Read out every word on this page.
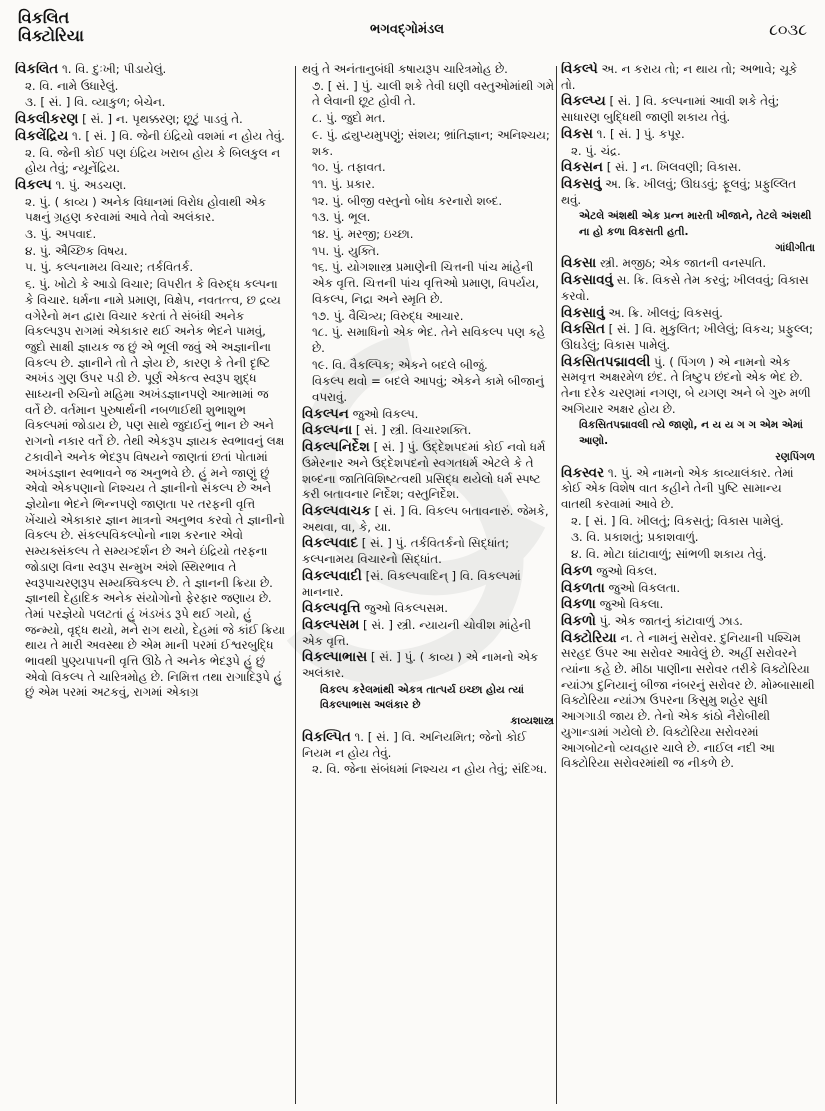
વિકલિત
વિક્ટોરિયા	ભગવદ્ગોમંડલ	૮૦૩૮
વિકલિત ૧. વિ. દુઃખી; પીડાયેલું.
૨. વિ. નામે ઉધારેલું.
૩. [ સં. ] વિ. વ્યાકુળ; બેચેન.
વિકલીકરણ [ સં. ] ન. પૃથક્કરણ; છૂટું પાડવું તે.
વિકલેંદ્રિય ૧. [ સં. ] વિ. જેની ઇંદ્રિયો વશમાં ન હોય તેવું.
૨. વિ. જેની કોઈ પણ ઇંદ્રિય ખરાબ હોય કે બિલકુલ ન હોય તેવું; ન્યૂનેંદ્રિય.
વિકલ્પ ૧. પું. અડચણ.
૨. પું. ( કાવ્ય ) અનેક વિધાનમાં વિરોધ હોવાથી એક પક્ષનું ગ્રહણ કરવામાં આવે તેવો અલંકાર.
૩. પું. અપવાદ.
૪. પું. ઐચ્છિક વિષય.
૫. પું. કલ્પનામય વિચાર; તર્કવિતર્ક.
૬. પું. ખોટો કે આડો વિચાર; વિપરીત કે વિરુદ્ધ કલ્પના કે વિચાર. ધર્મના નામે પ્રમાણ, વિક્ષેપ, નવતત્ત્વ, છ દ્રવ્ય વગેરેનો મન દ્વારા વિચાર કરતાં તે સંબંધી અનેક વિકલ્પરૂપ રાગમાં એકાકાર થઈ અનેક ભેદને પામવું, જુદો સાક્ષી જ્ઞાયક જ છું એ ભૂલી જવું એ અજ્ઞાનીના વિકલ્પ છે. જ્ઞાનીને તો તે જ્ઞેય છે, કારણ કે તેની દૃષ્ટિ અખંડ ગુણ ઉપર પડી છે. પૂર્ણ એકત્વ સ્વરૂપ શુદ્ધ સાધ્યની રુચિનો મહિમા અખંડજ્ઞાનપણે આત્મામાં જ વર્તે છે. વર્તમાન પુરુષાર્થની નબળાઈથી શુભાશુભ વિકલ્પમાં જોડાય છે, પણ સાથે જુદાઈનું ભાન છે અને રાગનો નકાર વર્તે છે. તેથી એકરૂપ જ્ઞાયક સ્વભાવનું લક્ષ ટકાવીને અનેક ભેદરૂપ વિષયને જાણતાં છતાં પોતામાં અખંડજ્ઞાન સ્વભાવને જ અનુભવે છે. હું મને જાણું છું એવો એકપણાનો નિશ્ચય તે જ્ઞાનીનો સંકલ્પ છે અને જ્ઞેયોના ભેદને ભિન્નપણે જાણતા પર તરફની વૃત્તિ ખેંચાયે એકાકાર જ્ઞાન માત્રનો અનુભવ કરવો તે જ્ઞાનીનો વિકલ્પ છે. સંકલ્પવિકલ્પોનો નાશ કરનાર એવો સમ્યક્સંકલ્પ તે સમ્યગ્દર્શન છે અને ઇંદ્રિયો તરફના જોડાણ વિના સ્વરૂપ સન્મુખ અંશે સ્થિરભાવ તે સ્વરૂપાચરણરૂપ સમ્યક્વિકલ્પ છે. તે જ્ઞાનની ક્રિયા છે. જ્ઞાનથી દેહાદિક અનેક સંયોગોનો ફેરફાર જણાય છે. તેમાં પરજ્ઞેયો પલટતાં હું ખંડખંડ રૂપે થઈ ગયો, હું જન્મ્યો, વૃદ્ધ થયો, મને રાગ થયો, દેહમાં જે કાંઈ ક્રિયા થાય તે મારી અવસ્થા છે એમ માની પરમાં ઈશ્વરબુદ્ધિ ભાવથી પુણ્યપાપની વૃત્તિ ઊઠે તે અનેક ભેદરૂપે હું છું એવો વિકલ્પ તે ચારિત્રમોહ છે. નિમિત્ત તથા રાગાદિરૂપે હું છું એમ પરમાં અટકવું, રાગમાં એકાગ્ર
થવું તે અનંતાનુબંધી કષાયરૂપ ચારિત્રમોહ છે.
૭. [ સં. ] પું. ચાલી શકે તેવી ઘણી વસ્તુઓમાંથી ગમે તે લેવાની છૂટ હોવી તે.
૮. પું. જુદો મત.
૯. પું. દ્વ્યુપ્યમુપણું; સંશય; ભ્રાંતિજ્ઞાન; અનિશ્ચય; શક.
૧૦. પું. તફાવત.
૧૧. પું. પ્રકાર.
૧૨. પું. બીજી વસ્તુનો બોધ કરનારો શબ્દ.
૧૩. પું. ભૂલ.
૧૪. પું. મરજી; ઇચ્છા.
૧૫. પું. યુક્તિ.
૧૬. પું. યોગશાસ્ત્ર પ્રમાણેની ચિત્તની પાંચ માંહેની એક વૃત્તિ. ચિત્તની પાંચ વૃત્તિઓ પ્રમાણ, વિપર્યય, વિકલ્પ, નિદ્રા અને સ્મૃતિ છે.
૧૭. પું. વૈચિત્ર્ય; વિરુદ્ધ આચાર.
૧૮. પું. સમાધિનો એક ભેદ. તેને સવિકલ્પ પણ કહે છે.
૧૯. વિ. વૈકલ્પિક; એકને બદલે બીજું.
વિકલ્પ થવો = બદલે આપવું; એકને કામે બીજાનું વપરાવું.
વિકલ્પન જુઓ વિકલ્પ.
વિકલ્પના [ સં. ] સ્ત્રી. વિચારશક્તિ.
વિકલ્પનિર્દેશ [ સં. ] પું. ઉદ્દેશપદમાં કોઈ નવો ધર્મ ઉમેરનાર અને ઉદ્દેશપદનો સ્વગતધર્મ એટલે કે તે શબ્દના જાતિવિશિષ્ટત્વથી પ્રસિદ્ધ થયેલો ધર્મ સ્પષ્ટ કરી બતાવનાર નિર્દેશ; વસ્તુનિર્દેશ.
વિકલ્પવાચક [ સં. ] વિ. વિકલ્પ બતાવનારું. જેમકે, અથવા, વા, કે, યા.
વિકલ્પવાદ [ સં. ] પું. તર્કવિતર્કનો સિદ્ધાંત; કલ્પનામય વિચારનો સિદ્ધાંત.
વિકલ્પવાદી [સં. વિકલ્પવાદિન્ ] વિ. વિકલ્પમાં માનનાર.
વિકલ્પવૃત્તિ જુઓ વિકલ્પસમ.
વિકલ્પસમ [ સં. ] સ્ત્રી. ન્યાયની ચોવીશ માંહેની એક વૃત્તિ.
વિકલ્પાભાસ [ સં. ] પું. ( કાવ્ય ) એ નામનો એક અલંકાર.
વિકલ્પ કરેલમાંથી એકત્ર તાત્પર્ય ઇચ્છા હોય ત્યાં વિકલ્પાભાસ અલંકાર છે
કાવ્યશાસ્ત્ર
વિકલ્પિત ૧. [ સં. ] વિ. અનિયમિત; જેનો કોઈ નિયમ ન હોય તેવું.
૨. વિ. જેના સંબંધમાં નિશ્ચય ન હોય તેવું; સંદિગ્ધ.
વિકલ્પે અ. ન કરાય તો; ન થાય તો; અભાવે; ચૂકે તો.
વિકલ્પ્ય [ સં. ] વિ. કલ્પનામાં આવી શકે તેવું; સાધારણ બુદ્ધિથી જાણી શકાય તેવું.
વિકસ ૧. [ સં. ] પું. કપૂર.
૨. પું. ચંદ્ર.
વિકસન [ સં. ] ન. ખિલવણી; વિકાસ.
વિકસવું અ. ક્રિ. ખીલવું; ઊઘડવું; ફૂલવું; પ્રફુલ્લિત થવું.
એટલે અંશથી એક પ્રન્ન મારતી ખીજાને, તેટલે અંશથી ના હો કળા વિકસતી હતી.
ગાંધીગીતા
વિકસા સ્ત્રી. મજીઠ; એક જાતની વનસ્પતિ.
વિકસાવવું સ. ક્રિ. વિકસે તેમ કરવું; ખીલવવું; વિકાસ કરવો.
વિકસાવું અ. ક્રિ. ખીલવું; વિકસવું.
વિકસિત [ સં. ] વિ. મુકુલિત; ખીલેલું; વિકચ; પ્રફુલ્લ; ઊઘડેલું; વિકાસ પામેલું.
વિકસિતપદ્માવલી પું. ( પિંગળ ) એ નામનો એક સમવૃત્ત અક્ષરમેળ છંદ. તે ત્રિષ્ટુપ છંદનો એક ભેદ છે. તેના દરેક ચરણમાં નગણ, બે યગણ અને બે ગુરુ મળી અગિયાર અક્ષર હોય છે.
વિકસિતપદ્માવલી ત્યે જાણો, ન ય ય ગ ગ એમ એમાં આણો.
રણપિંગળ
વિકસ્વર ૧. પું. એ નામનો એક કાવ્યાલંકાર. તેમાં કોઈ એક વિશેષ વાત કહીને તેની પુષ્ટિ સામાન્ય વાતથી કરવામાં આવે છે.
૨. [ સં. ] વિ. ખીલતું; વિકસતું; વિકાસ પામેલું.
૩. વિ. પ્રકાશતું; પ્રકાશવાળું.
૪. વિ. મોટા ઘાંટાવાળું; સાંભળી શકાય તેવું.
વિકળ જુઓ વિકલ.
વિકળતા જુઓ વિકલતા.
વિકળા જુઓ વિકલા.
વિકળો પું. એક જાતનું કાંટાવાળું ઝાડ.
વિક્ટોરિયા ન. તે નામનું સરોવર. દુનિયાની પશ્ચિમ સરહદ ઉપર આ સરોવર આવેલું છે. અહીં સરોવરને ત્યાંના કહે છે. મીઠા પાણીના સરોવર તરીકે વિક્ટોરિયા ન્યાંઝા દુનિયાનું બીજા નંબરનું સરોવર છે. મોમ્બાસાથી વિક્ટોરિયા ન્યાંઝા ઉપરના કિસુમુ શહેર સુધી આગગાડી જાય છે. તેનો એક કાંઠો નૈરોબીથી યુગાન્ડામાં ગયેલો છે. વિક્ટોરિયા સરોવરમાં આગબોટનો વ્યવહાર ચાલે છે. નાઈલ નદી આ વિક્ટોરિયા સરોવરમાંથી જ નીકળે છે.
